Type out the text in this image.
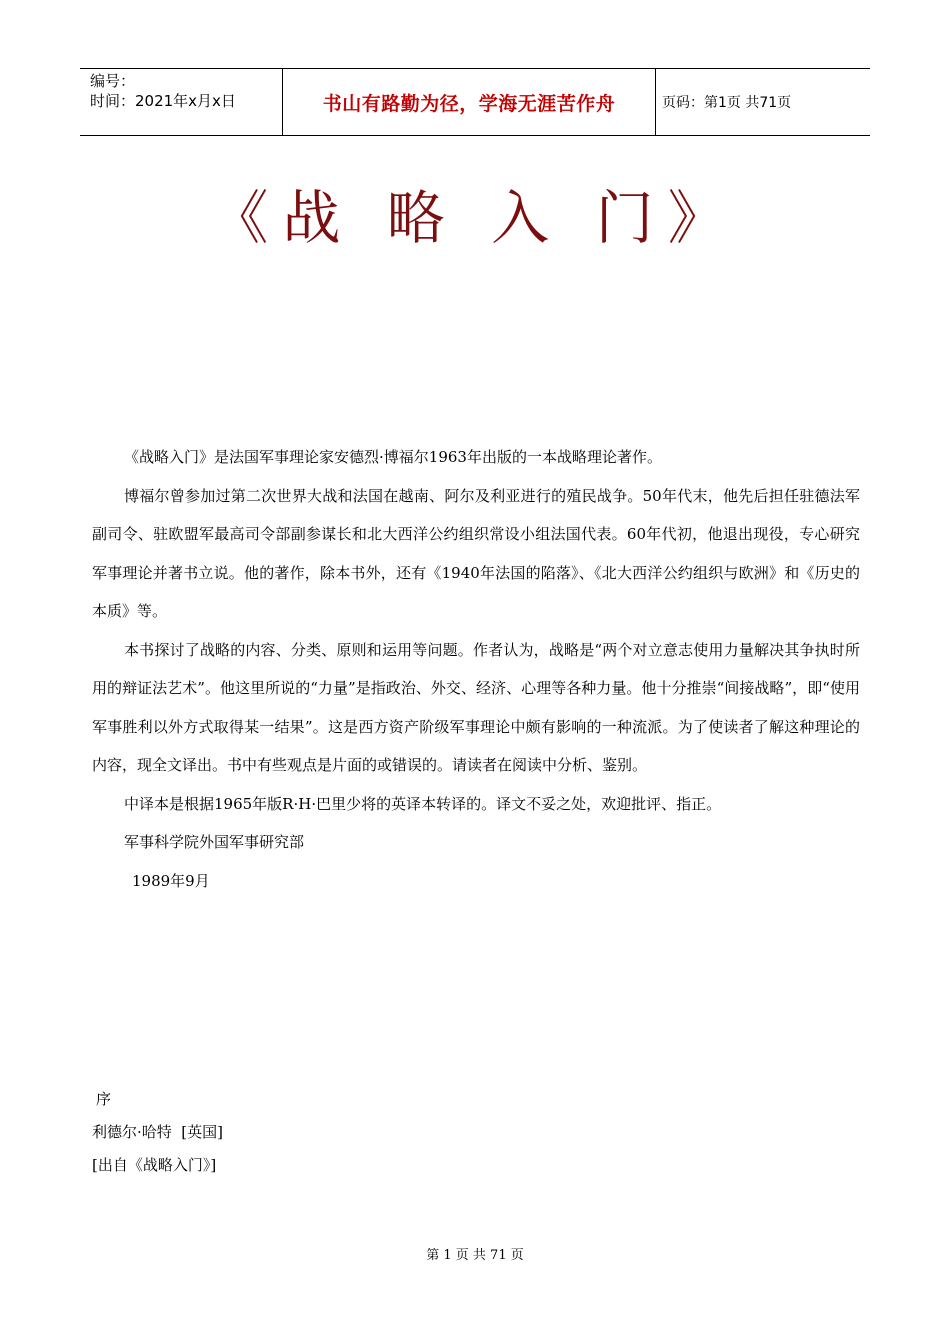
编号：
时间：2021年x月x日	书山有路勤为径，学海无涯苦作舟	页码：第1页 共71页
《战 略 入 门》

《战略入门》是法国军事理论家安德烈·博福尔1963年出版的一本战略理论著作。

博福尔曾参加过第二次世界大战和法国在越南、阿尔及利亚进行的殖民战争。50年代末，他先后担任驻德法军副司令、驻欧盟军最高司令部副参谋长和北大西洋公约组织常设小组法国代表。60年代初，他退出现役，专心研究军事理论并著书立说。他的著作，除本书外，还有《1940年法国的陷落》、《北大西洋公约组织与欧洲》和《历史的本质》等。

本书探讨了战略的内容、分类、原则和运用等问题。作者认为，战略是“两个对立意志使用力量解决其争执时所用的辩证法艺术”。他这里所说的“力量”是指政治、外交、经济、心理等各种力量。他十分推崇“间接战略”，即“使用军事胜利以外方式取得某一结果”。这是西方资产阶级军事理论中颇有影响的一种流派。为了使读者了解这种理论的内容，现全文译出。书中有些观点是片面的或错误的。请读者在阅读中分析、鉴别。

中译本是根据1965年版R·H·巴里少将的英译本转译的。译文不妥之处，欢迎批评、指正。

军事科学院外国军事研究部

1989年9月

序
利德尔·哈特  [英国]
[出自《战略入门》]
第 1 页 共 71 页
